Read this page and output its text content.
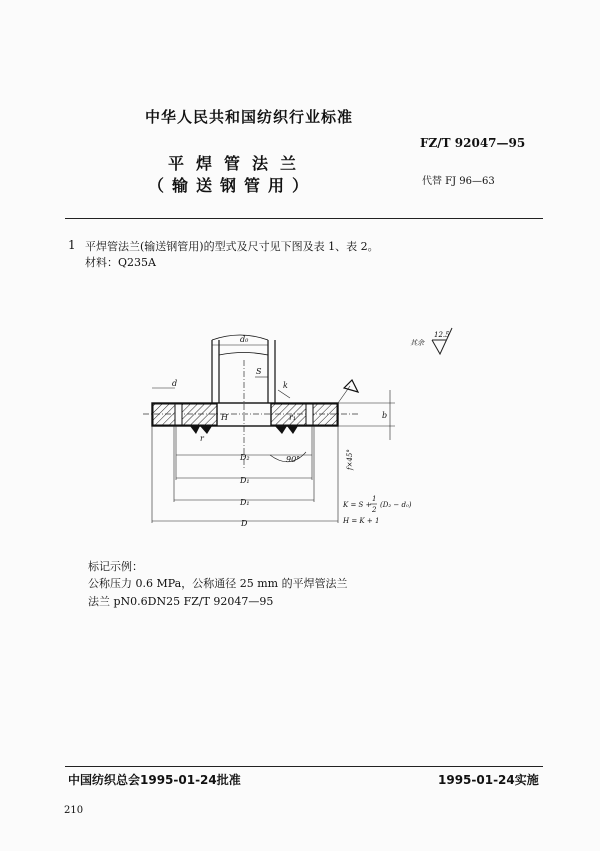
中华人民共和国纺织行业标准
FZ/T 92047—95
平焊管法兰
（输送钢管用）	代替 FJ 96—63
1 平焊管法兰(输送钢管用)的型式及尺寸见下图及表 1、表 2。
材料：Q235A
其余
12.5
d₀
S
k
d
b
H
r
r₁
D₂
D₁
D₁
D
90°	f×45°
K = S +
1
2
(D₂ − d₀)
H = K + 1
标记示例：
公称压力 0.6 MPa，公称通径 25 mm 的平焊管法兰
法兰 pN0.6DN25 FZ/T 92047—95
中国纺织总会1995-01-24批准	1995-01-24实施
210
